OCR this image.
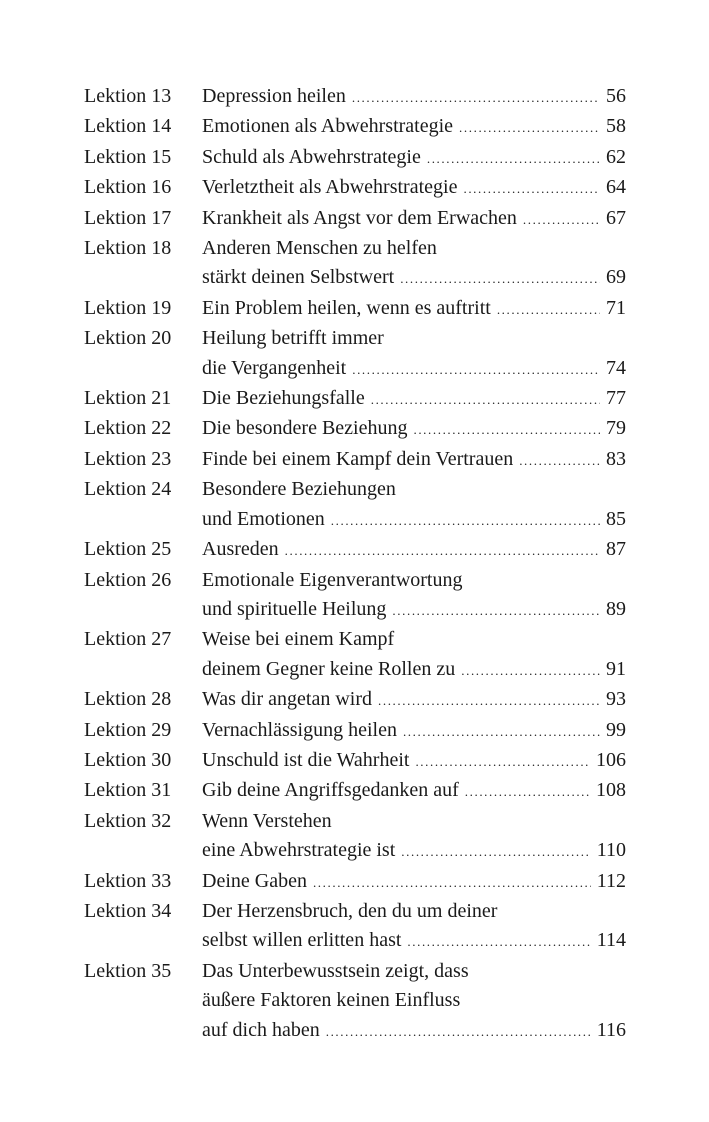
Lektion 13	Depression heilen .....	56
Lektion 14	Emotionen als Abwehrstrategie .....	58
Lektion 15	Schuld als Abwehrstrategie .....	62
Lektion 16	Verletztheit als Abwehrstrategie .....	64
Lektion 17	Krankheit als Angst vor dem Erwachen .....	67
Lektion 18	Anderen Menschen zu helfen
stärkt deinen Selbstwert .....	69
Lektion 19	Ein Problem heilen, wenn es auftritt .....	71
Lektion 20	Heilung betrifft immer
die Vergangenheit .....	74
Lektion 21	Die Beziehungsfalle .....	77
Lektion 22	Die besondere Beziehung .....	79
Lektion 23	Finde bei einem Kampf dein Vertrauen .....	83
Lektion 24	Besondere Beziehungen
und Emotionen .....	85
Lektion 25	Ausreden .....	87
Lektion 26	Emotionale Eigenverantwortung
und spirituelle Heilung .....	89
Lektion 27	Weise bei einem Kampf
deinem Gegner keine Rollen zu .....	91
Lektion 28	Was dir angetan wird .....	93
Lektion 29	Vernachlässigung heilen .....	99
Lektion 30	Unschuld ist die Wahrheit .....	106
Lektion 31	Gib deine Angriffsgedanken auf .....	108
Lektion 32	Wenn Verstehen
eine Abwehrstrategie ist .....	110
Lektion 33	Deine Gaben .....	112
Lektion 34	Der Herzensbruch, den du um deiner
selbst willen erlitten hast .....	114
Lektion 35	Das Unterbewusstsein zeigt, dass
äußere Faktoren keinen Einfluss
auf dich haben .....	116
